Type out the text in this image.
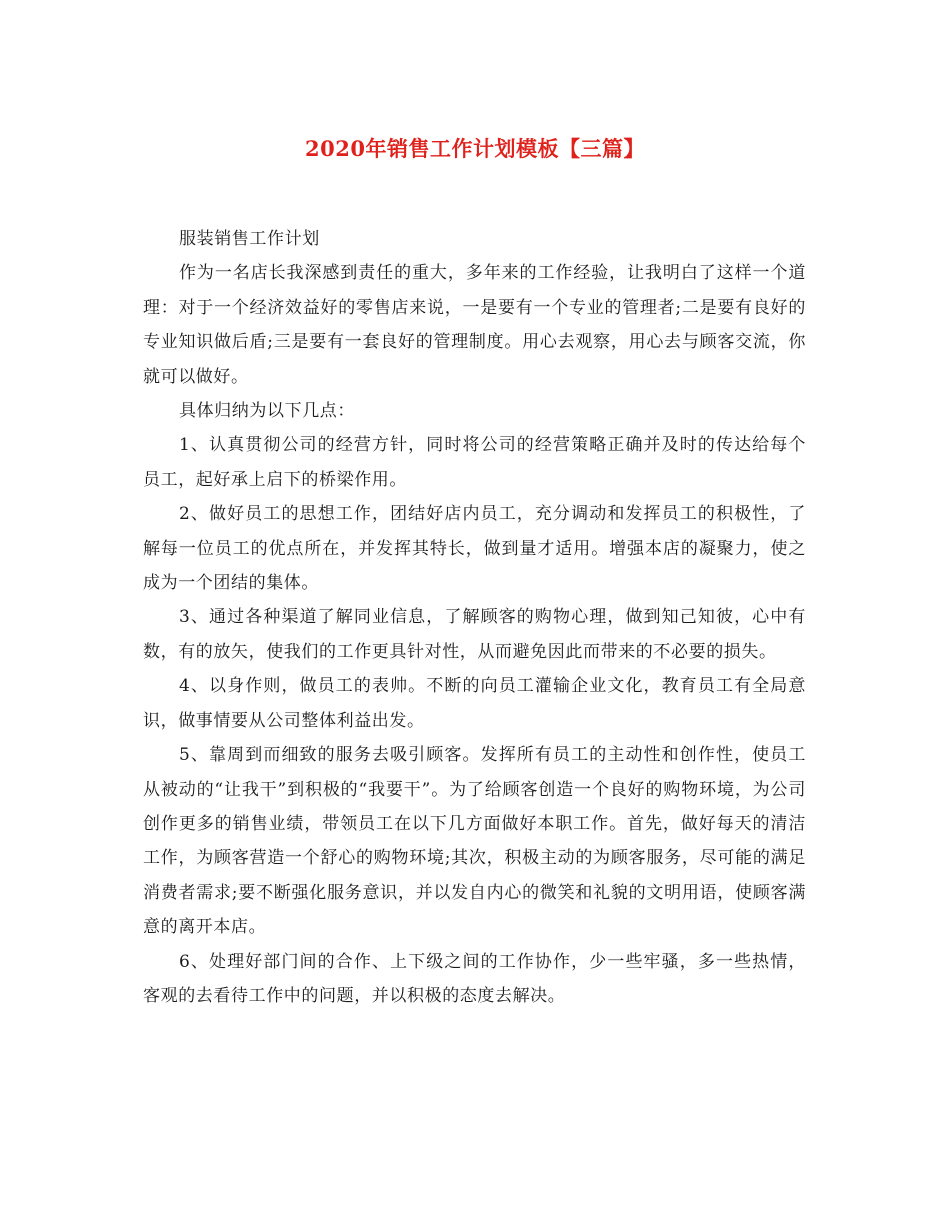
2020年销售工作计划模板【三篇】

服装销售工作计划

作为一名店长我深感到责任的重大，多年来的工作经验，让我明白了这样一个道理：对于一个经济效益好的零售店来说，一是要有一个专业的管理者;二是要有良好的专业知识做后盾;三是要有一套良好的管理制度。用心去观察，用心去与顾客交流，你就可以做好。

具体归纳为以下几点：

1、认真贯彻公司的经营方针，同时将公司的经营策略正确并及时的传达给每个员工，起好承上启下的桥梁作用。

2、做好员工的思想工作，团结好店内员工，充分调动和发挥员工的积极性，了解每一位员工的优点所在，并发挥其特长，做到量才适用。增强本店的凝聚力，使之成为一个团结的集体。

3、通过各种渠道了解同业信息，了解顾客的购物心理，做到知己知彼，心中有数，有的放矢，使我们的工作更具针对性，从而避免因此而带来的不必要的损失。

4、以身作则，做员工的表帅。不断的向员工灌输企业文化，教育员工有全局意识，做事情要从公司整体利益出发。

5、靠周到而细致的服务去吸引顾客。发挥所有员工的主动性和创作性，使员工从被动的“让我干”到积极的“我要干”。为了给顾客创造一个良好的购物环境，为公司创作更多的销售业绩，带领员工在以下几方面做好本职工作。首先，做好每天的清洁工作，为顾客营造一个舒心的购物环境;其次，积极主动的为顾客服务，尽可能的满足消费者需求;要不断强化服务意识，并以发自内心的微笑和礼貌的文明用语，使顾客满意的离开本店。

6、处理好部门间的合作、上下级之间的工作协作，少一些牢骚，多一些热情，客观的去看待工作中的问题，并以积极的态度去解决。
